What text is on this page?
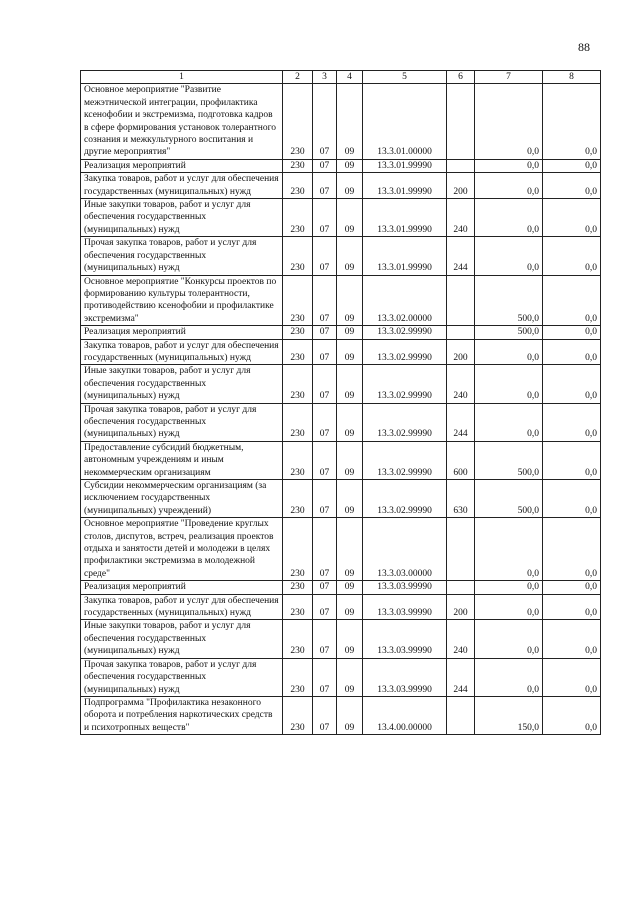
88
1	2	3	4	5	6	7	8
Основное мероприятие "Развитие межэтнической интеграции, профилактика ксенофобии и экстремизма, подготовка кадров в сфере формирования установок толерантного сознания и межкультурного воспитания и другие мероприятия"	230	07	09	13.3.01.00000		0,0	0,0
Реализация мероприятий	230	07	09	13.3.01.99990		0,0	0,0
Закупка товаров, работ и услуг для обеспечения государственных (муниципальных) нужд	230	07	09	13.3.01.99990	200	0,0	0,0
Иные закупки товаров, работ и услуг для обеспечения государственных (муниципальных) нужд	230	07	09	13.3.01.99990	240	0,0	0,0
Прочая закупка товаров, работ и услуг для обеспечения государственных (муниципальных) нужд	230	07	09	13.3.01.99990	244	0,0	0,0
Основное мероприятие "Конкурсы проектов по формированию культуры толерантности, противодействию ксенофобии и профилактике экстремизма"	230	07	09	13.3.02.00000		500,0	0,0
Реализация мероприятий	230	07	09	13.3.02.99990		500,0	0,0
Закупка товаров, работ и услуг для обеспечения государственных (муниципальных) нужд	230	07	09	13.3.02.99990	200	0,0	0,0
Иные закупки товаров, работ и услуг для обеспечения государственных (муниципальных) нужд	230	07	09	13.3.02.99990	240	0,0	0,0
Прочая закупка товаров, работ и услуг для обеспечения государственных (муниципальных) нужд	230	07	09	13.3.02.99990	244	0,0	0,0
Предоставление субсидий бюджетным, автономным учреждениям и иным некоммерческим организациям	230	07	09	13.3.02.99990	600	500,0	0,0
Субсидии некоммерческим организациям (за исключением государственных (муниципальных) учреждений)	230	07	09	13.3.02.99990	630	500,0	0,0
Основное мероприятие "Проведение круглых столов, диспутов, встреч, реализация проектов отдыха и занятости детей и молодежи в целях профилактики экстремизма в молодежной среде"	230	07	09	13.3.03.00000		0,0	0,0
Реализация мероприятий	230	07	09	13.3.03.99990		0,0	0,0
Закупка товаров, работ и услуг для обеспечения государственных (муниципальных) нужд	230	07	09	13.3.03.99990	200	0,0	0,0
Иные закупки товаров, работ и услуг для обеспечения государственных (муниципальных) нужд	230	07	09	13.3.03.99990	240	0,0	0,0
Прочая закупка товаров, работ и услуг для обеспечения государственных (муниципальных) нужд	230	07	09	13.3.03.99990	244	0,0	0,0
Подпрограмма "Профилактика незаконного оборота и потребления наркотических средств и психотропных веществ"	230	07	09	13.4.00.00000		150,0	0,0
